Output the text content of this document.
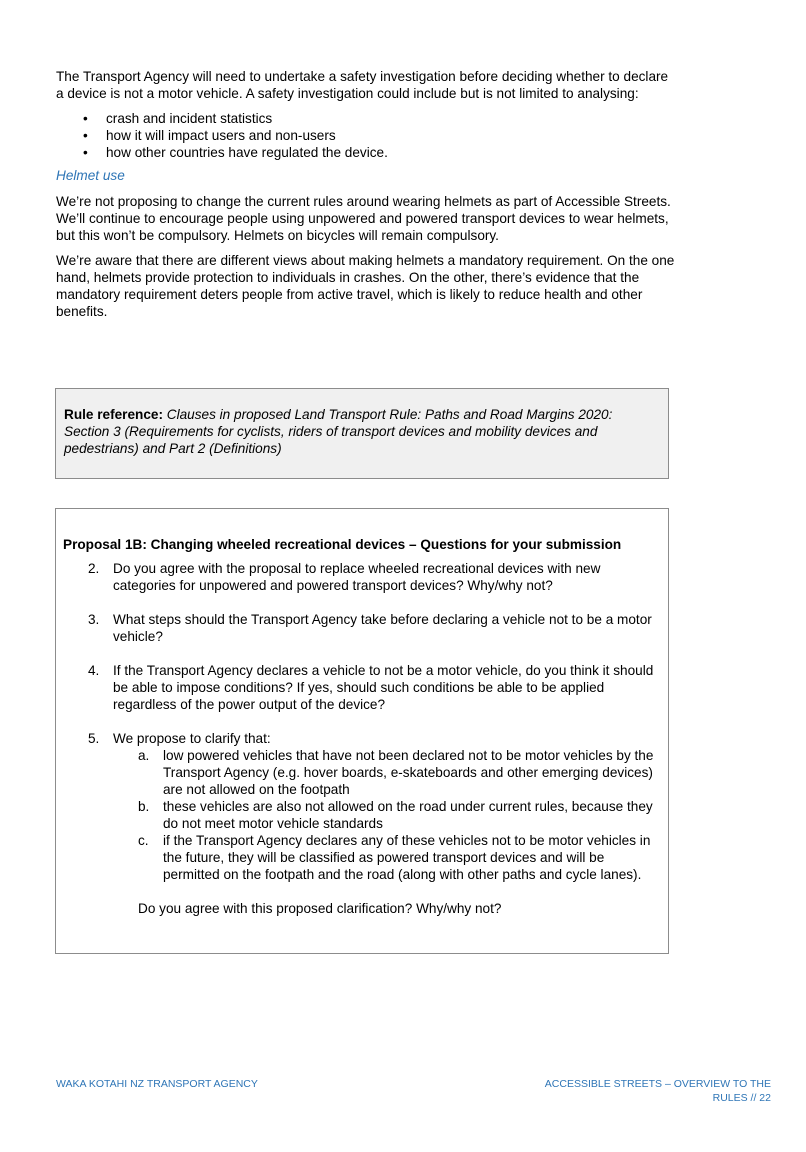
The Transport Agency will need to undertake a safety investigation before deciding whether to declare a device is not a motor vehicle. A safety investigation could include but is not limited to analysing:

• crash and incident statistics
• how it will impact users and non-users
• how other countries have regulated the device.

Helmet use

We’re not proposing to change the current rules around wearing helmets as part of Accessible Streets. We’ll continue to encourage people using unpowered and powered transport devices to wear helmets, but this won’t be compulsory. Helmets on bicycles will remain compulsory.

We’re aware that there are different views about making helmets a mandatory requirement. On the one hand, helmets provide protection to individuals in crashes. On the other, there’s evidence that the mandatory requirement deters people from active travel, which is likely to reduce health and other benefits.

Rule reference: Clauses in proposed Land Transport Rule: Paths and Road Margins 2020: Section 3 (Requirements for cyclists, riders of transport devices and mobility devices and pedestrians) and Part 2 (Definitions)

Proposal 1B: Changing wheeled recreational devices – Questions for your submission

2. Do you agree with the proposal to replace wheeled recreational devices with new categories for unpowered and powered transport devices? Why/why not?
3. What steps should the Transport Agency take before declaring a vehicle not to be a motor vehicle?
4. If the Transport Agency declares a vehicle to not be a motor vehicle, do you think it should be able to impose conditions? If yes, should such conditions be able to be applied regardless of the power output of the device?
5. We propose to clarify that:
a. low powered vehicles that have not been declared not to be motor vehicles by the Transport Agency (e.g. hover boards, e-skateboards and other emerging devices) are not allowed on the footpath
b. these vehicles are also not allowed on the road under current rules, because they do not meet motor vehicle standards
c. if the Transport Agency declares any of these vehicles not to be motor vehicles in the future, they will be classified as powered transport devices and will be permitted on the footpath and the road (along with other paths and cycle lanes).

Do you agree with this proposed clarification? Why/why not?

WAKA KOTAHI NZ TRANSPORT AGENCY	ACCESSIBLE STREETS – OVERVIEW TO THE
RULES // 22
